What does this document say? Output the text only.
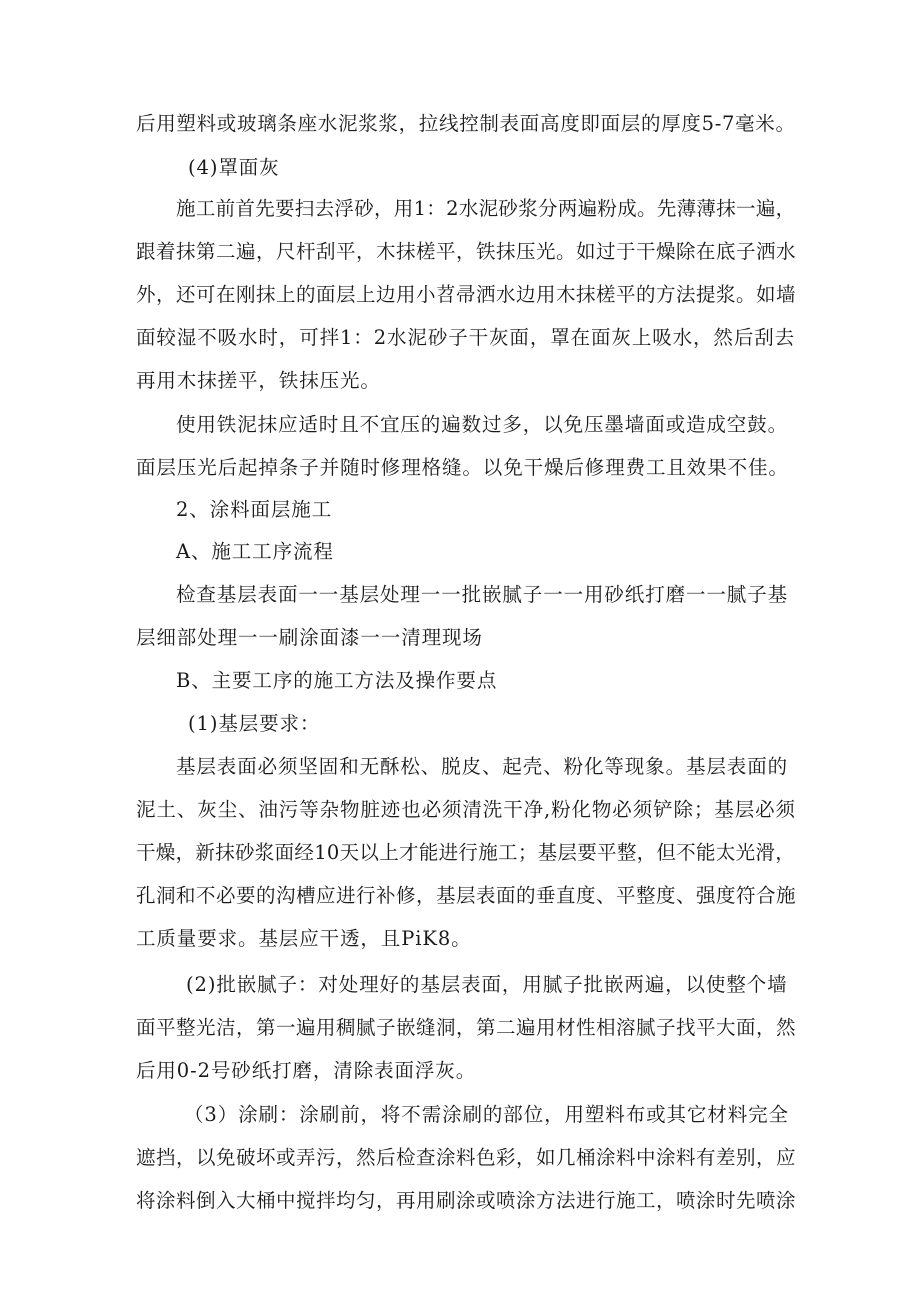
后用塑料或玻璃条座水泥浆浆，拉线控制表面高度即面层的厚度5-7毫米。
(4)罩面灰
施工前首先要扫去浮砂，用1：2水泥砂浆分两遍粉成。先薄薄抹一遍，
跟着抹第二遍，尺杆刮平，木抹槎平，铁抹压光。如过于干燥除在底子洒水
外，还可在刚抹上的面层上边用小苕帚洒水边用木抹槎平的方法提浆。如墙
面较湿不吸水时，可拌1：2水泥砂子干灰面，罩在面灰上吸水，然后刮去
再用木抹搓平，铁抹压光。
使用铁泥抹应适时且不宜压的遍数过多，以免压墨墙面或造成空鼓。
面层压光后起掉条子并随时修理格缝。以免干燥后修理费工且效果不佳。
2、涂料面层施工
A、施工工序流程
检查基层表面一一基层处理一一批嵌腻子一一用砂纸打磨一一腻子基
层细部处理一一刷涂面漆一一清理现场
B、主要工序的施工方法及操作要点
(1)基层要求：
基层表面必须坚固和无酥松、脱皮、起壳、粉化等现象。基层表面的
泥土、灰尘、油污等杂物脏迹也必须清洗干净,粉化物必须铲除；基层必须
干燥，新抹砂浆面经10天以上才能进行施工；基层要平整，但不能太光滑，
孔洞和不必要的沟槽应进行补修，基层表面的垂直度、平整度、强度符合施
工质量要求。基层应干透，且PiK8。
(2)批嵌腻子：对处理好的基层表面，用腻子批嵌两遍，以使整个墙
面平整光洁，第一遍用稠腻子嵌缝洞，第二遍用材性相溶腻子找平大面，然
后用0-2号砂纸打磨，清除表面浮灰。
（3）涂刷：涂刷前，将不需涂刷的部位，用塑料布或其它材料完全
遮挡，以免破坏或弄污，然后检查涂料色彩，如几桶涂料中涂料有差别，应
将涂料倒入大桶中搅拌均匀，再用刷涂或喷涂方法进行施工，喷涂时先喷涂
